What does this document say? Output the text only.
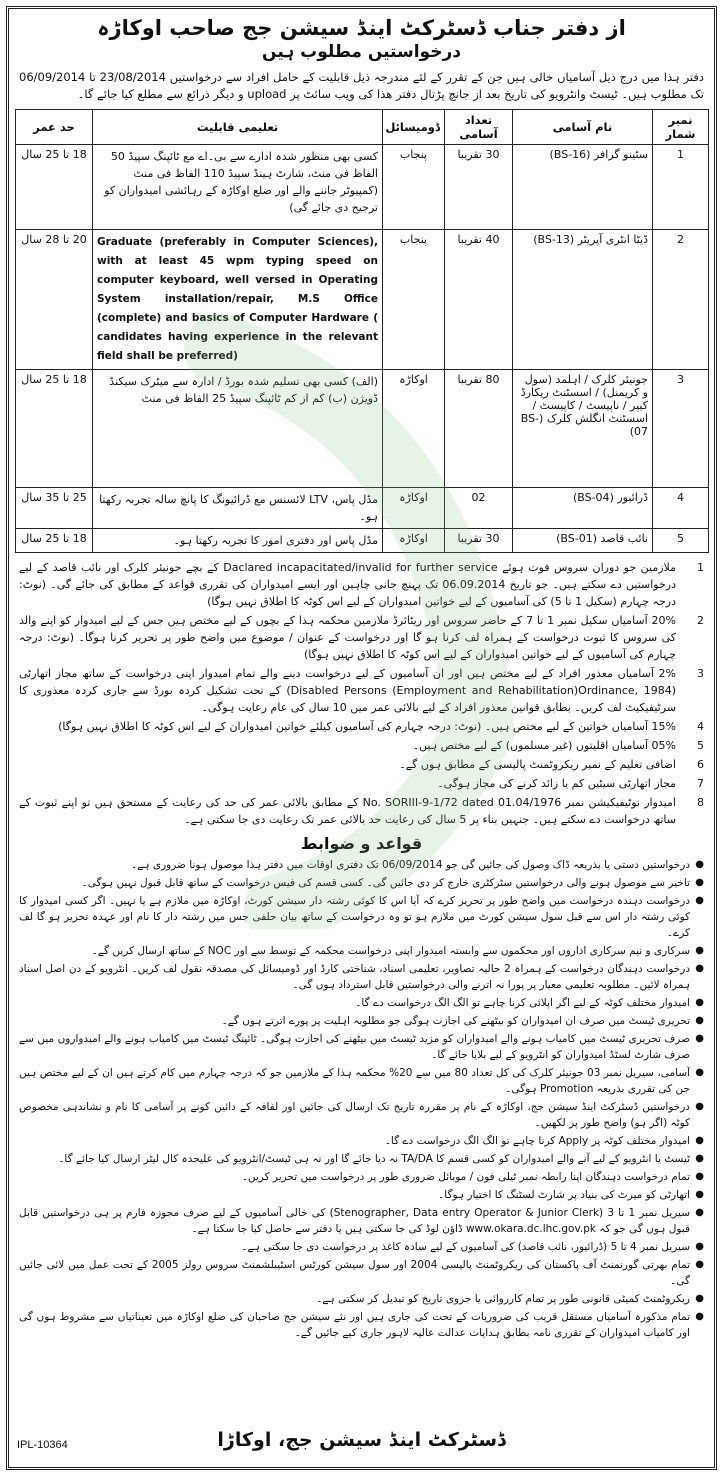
از دفتر جناب ڈسٹرکٹ اینڈ سیشن جج صاحب اوکاڑہ
درخواستیں مطلوب ہیں
دفتر ہذا میں درج ذیل آسامیاں خالی ہیں جن کے تقرر کے لئے مندرجہ ذیل قابلیت کے حامل افراد سے درخواستیں 23/08/2014 تا 06/09/2014 تک مطلوب ہیں۔ ٹیسٹ وانٹرویو کی تاریخ بعد از جانچ پڑتال دفتر ھذا کی ویب سائٹ پر upload و دیگر ذرائع سے مطلع کیا جائے گا۔
نمبر شمار	نام آسامی	تعداد آسامی	ڈومیسائل	تعلیمی قابلیت	حد عمر
1	سٹینو گرافر (BS-16)	30 تقریبا	پنجاب	کسی بھی منظور شدہ ادارے سے بی۔اے مع ٹائپنگ سپیڈ 50 الفاظ فی منٹ، شارٹ ہینڈ سپیڈ 110 الفاظ فی منٹ (کمپیوٹر جاننے والے اور ضلع اوکاڑہ کے رہائشی امیدواران کو ترجیح دی جائے گی)	18 تا 25 سال
2	ڈیٹا انٹری آپریٹر (BS-13)	40 تقریبا	پنجاب	Graduate (preferably in Computer Sciences), with at least 45 wpm typing speed on computer keyboard, well versed in Operating System installation/repair, M.S Office (complete) and basics of Computer Hardware ( candidates having experience in the relevant field shall be preferred)	20 تا 28 سال
3	جونیئر کلرک / اہلمد (سول و کریمنل) / اسسٹنٹ ریکارڈ کیپر / ناپیسٹ / کاپیسٹ / اسسٹنٹ انگلش کلرک (BS-07)	80 تقریبا	اوکاڑہ	(الف) کسی بھی تسلیم شدہ بورڈ / ادارہ سے میٹرک سیکنڈ ڈویژن (ب) کم از کم ٹائپنگ سپیڈ 25 الفاظ فی منٹ	18 تا 25 سال
4	ڈرائیور (BS-04)	02	اوکاڑہ	مڈل پاس، LTV لائسنس مع ڈرائیونگ کا پانچ سالہ تجربہ رکھتا ہو۔	25 تا 35 سال
5	نائب قاصد (BS-01)	30 تقریبا	اوکاڑہ	مڈل پاس اور دفتری امور کا تجربہ رکھتا ہو۔	18 تا 25 سال
1
ملازمین جو دوران سروس فوت ہوئے Daclared incapacitated/invalid for further service کے بچے جونیئر کلرک اور نائب قاصد کے لیے درخواستیں دے سکتے ہیں۔ جو تاریخ 06.09.2014 تک پہنچ جانی چاہیں اور ایسے امیدواران کی تقرری قواعد کے مطابق کی جائے گی۔ (نوٹ: درجہ چہارم (سکیل 1 تا 5) کی آسامیوں کے لیے خواتین امیدواران کے لیے اس کوٹہ کا اطلاق نہیں ہوگا)
2
20% آسامیاں سکیل نمبر 1 تا 7 کے حاضر سروس اور ریٹائرڈ ملازمین محکمہ ہذا کے بچوں کے لیے مختص ہیں جس کے لیے امیدوار کو اپنے والد کی سروس کا ثبوت درخواست کے ہمراہ لف کرنا ہو گا اور درخواست کے عنوان / موضوع میں واضح طور پر تحریر کرنا ہوگا۔ (نوٹ: درجہ چہارم کی آسامیوں کے لیے خواتین امیدواران کے لیے اس کوٹہ کا اطلاق نہیں ہوگا)
3
2% آسامیاں معذور افراد کے لیے مختص ہیں اور ان آسامیوں کے لیے درخواست دینے والے تمام امیدوار اپنی درخواست کے ساتھ مجاز اتھارٹی (Disabled Persons (Employment and Rehabilitation)Ordinance, 1984) کے تحت تشکیل کردہ بورڈ سے جاری کردہ معذوری کا سرٹیفیکیٹ لف کریں۔ بطابق قوانین معذور افراد کے لیے بالائی عمر میں 10 سال کی عام رعایت ہوگی۔
4
15% آسامیاں خواتین کے لیے مختص ہیں۔ (نوٹ: درجہ چہارم کی آسامیوں کیلئے خواتین امیدواران کے لیے اس کوٹہ کا اطلاق نہیں ہوگا)
5
05% آسامیاں اقلیتوں (غیر مسلموں) کے لیے مختص ہیں۔
6
اضافی تعلیم کے نمبر ریکروٹمنٹ پالیسی کے مطابق ہوں گے۔
7
مجاز اتھارٹی سیٹیں کم یا زائد کرنے کی مجاز ہوگی۔
8
امیدوار نوٹیفیکیشن نمبر No. SORIII-9-1/72 dated 01.04/1976 کے مطابق بالائی عمر کی حد کی رعایت کے مستحق ہیں تو اپنے ثبوت کے ساتھ درخواست دے سکتے ہیں۔ جنہیں بناء پر 5 سال کی رعایت حد بالائی عمر تک رعایت دی جا سکتی ہے۔
قواعد و ضوابط
●
درخواستیں دستی یا بذریعہ ڈاک وصول کی جائیں گی جو 06/09/2014 تک دفتری اوقات میں دفتر ہذا موصول ہونا ضروری ہے۔
●
تاخیر سے موصول ہونے والی درخواستیں سٹرکٹری خارج کر دی جائیں گی۔ کسی قسم کی فیس درخواست کے ساتھ قابل قبول نہیں ہوگی۔
●
درخواست دہندہ درخواست میں واضح طور پر تحریر کرے کہ آیا اس کا کوئی رشتہ دار سیشن کورٹ، اوکاڑہ میں ملازم ہے یا نہیں۔ اگر کسی امیدوار کا کوئی رشتہ دار اس سے قبل سول سیشن کورٹ میں ملازم ہو تو وہ درخواست کے ساتھ بیان حلفی جس میں رشتہ دار کا نام اور عہدہ تحریر ہو گا لف کرے۔
●
سرکاری و نیم سرکاری اداروں اور محکموں سے وابستہ امیدوار اپنی درخواست محکمہ کے توسط سے اور NOC کے ساتھ ارسال کریں گے۔
●
درخواست دہندگان درخواست کے ہمراہ 2 حالیہ تصاویر، تعلیمی اسناد، شناختی کارڈ اور ڈومیسائل کی مصدقہ نقول لف کریں۔ انٹرویو کے دن اصل اسناد ہمراہ لائیں۔ مطلوبہ تعلیمی معیار پر پورا نہ اترنے والی درخواستیں قابل استرداد ہوں گی۔
●
امیدوار مختلف کوٹہ کے لیے اگر اپلائی کرنا چاہے تو الگ الگ درخواست دے گا۔
●
تحریری ٹیسٹ میں صرف ان امیدواران کو بیٹھنے کی اجازت ہوگی جو مطلوبہ اہلیت پر پورے اترتے ہوں گے۔
●
صرف تحریری ٹیسٹ میں کامیاب ہونے والے امیدواران کو مزید ٹیسٹ میں بیٹھنے کی اجازت ہوگی۔ ٹائپنگ ٹیسٹ میں کامیاب ہونے والے امیدواروں میں سے صرف شارٹ لسٹڈ امیدواران کو انٹرویو کے لیے بلایا جائے گا۔
●
آسامی، سیریل نمبر 03 جونیئر کلرک کی کل تعداد 80 میں سے 20% محکمہ ہذا کے ملازمین جو کہ درجہ چہارم میں کام کرتے ہیں ان کے لیے مختص ہیں جن کی تقرری بذریعہ Promotion ہوگی۔
●
درخواستیں ڈسٹرکٹ اینڈ سیشن جج، اوکاڑہ کے نام پر مقررہ تاریخ تک ارسال کی جائیں اور لفافہ کے دائیں کونے پر آسامی کا نام و نشاندہی مخصوص کوٹہ (اگر ہو) واضح طور پر لکھیں۔
●
امیدوار مختلف کوٹہ پر Apply کرنا چاہے تو الگ الگ درخواست دے گا۔
●
ٹیسٹ یا انٹرویو کے لیے آنے والے امیدواران کو کسی قسم کا TA/DA نہ دیا جائے گا اور نہ ہی ٹیسٹ/انٹرویو کی علیحدہ کال لیٹر ارسال کیا جائے گا۔
●
تمام درخواست دہندگان اپنا رابطہ نمبر ٹیلی فون / موبائل ضروری طور پر درخواست میں تحریر کریں۔
●
اتھارٹی کو میرٹ کی بنیاد پر شارٹ لسٹنگ کا اختیار ہوگا۔
●
سیریل نمبر 1 تا 3 (Stenographer, Data entry Operator & Junior Clerk) کی خالی آسامیوں کے لیے صرف مجوزہ فارم پر ہی درخواستیں قابل قبول ہوں گی جو کہ www.okara.dc.lhc.gov.pk ڈاؤن لوڈ کی جا سکتی ہیں یا دفتر سے حاصل کیا جا سکتا ہے۔
●
سیریل نمبر 4 تا 5 (ڈرائیور، نائب قاصد) کی آسامیوں کے لیے سادہ کاغذ پر درخواست دی جا سکتی ہے۔
●
تمام بھرتی گورنمنٹ آف پاکستان کی ریکروٹمنٹ پالیسی 2004 اور سول سیشن کورٹس اسٹیبلشمنٹ سروس رولز 2005 کے تحت عمل میں لائی جائیں گی۔
●
ریکروٹمنٹ کمیٹی قانونی طور پر تمام کارروائی یا جزوی تاریخ کو تبدیل کر سکتی ہے۔
●
تمام مذکورہ آسامیاں مستقل قریب کی ضروریات کے تحت کی جاری ہیں اور نئے سیشن جج صاحبان کی ضلع اوکاڑہ میں تعیناتیاں سے مشروط ہوں گی اور کامیاب امیدواران کے تقرری نامہ بطابق ہدایات عدالت عالیہ لاہور جاری کیے جائیں گے۔
ڈسٹرکٹ اینڈ سیشن جج، اوکاڑا
IPL-10364
